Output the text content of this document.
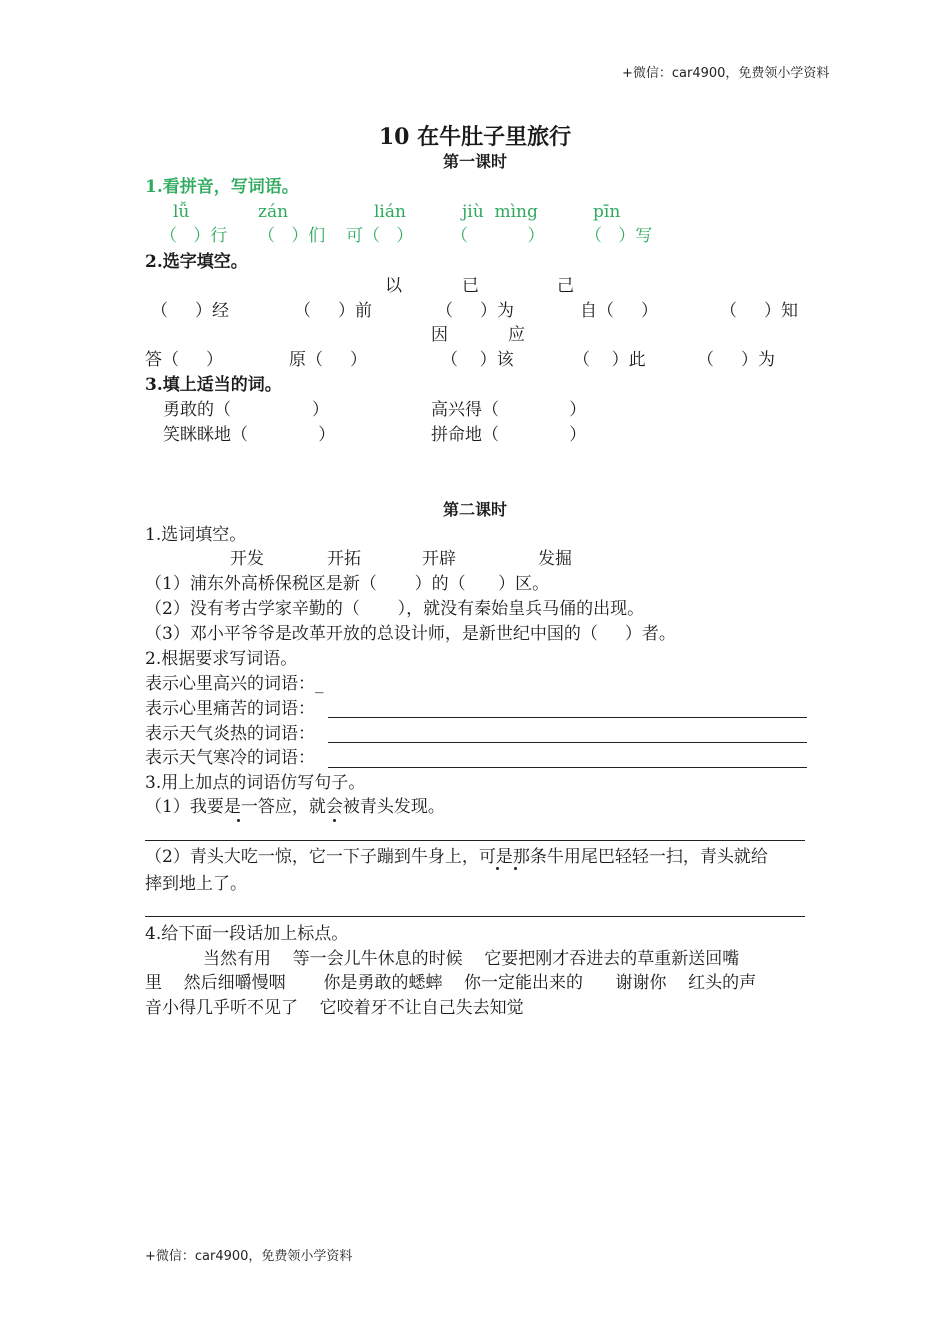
+微信：car4900，免费领小学资料
10 在牛肚子里旅行
第一课时
1.看拼音，写词语。
lǚ	zán	lián	jiù  mìng	pīn
（   ）行 （   ）们 可（   ） （           ） （   ）写
2.选字填空。
以	已	己
（     ）经	（     ）前	（     ）为	自（     ）	（     ）知
因	应
答（     ）	原（     ）	（    ）该	（    ）此	（     ）为
3.填上适当的词。
勇敢的（               ）	高兴得（             ）
笑眯眯地（             ）	拼命地（             ）
第二课时
1.选词填空。
开发	开拓	开辟	发掘
（1）浦东外高桥保税区是新（       ）的（      ）区。
（2）没有考古学家辛勤的（       ），就没有秦始皇兵马俑的出现。
（3）邓小平爷爷是改革开放的总设计师，是新世纪中国的（     ）者。
2.根据要求写词语。
表示心里高兴的词语：_
表示心里痛苦的词语：
表示天气炎热的词语：
表示天气寒冷的词语：
3.用上加点的词语仿写句子。
（1）我要是一答应，就会被青头发现。
（2）青头大吃一惊，它一下子蹦到牛身上，可是那条牛用尾巴轻轻一扫，青头就给
摔到地上了。
4.给下面一段话加上标点。
当然有用    等一会儿牛休息的时候    它要把刚才吞进去的草重新送回嘴
里    然后细嚼慢咽       你是勇敢的蟋蟀    你一定能出来的      谢谢你    红头的声
音小得几乎听不见了    它咬着牙不让自己失去知觉
+微信：car4900，免费领小学资料
